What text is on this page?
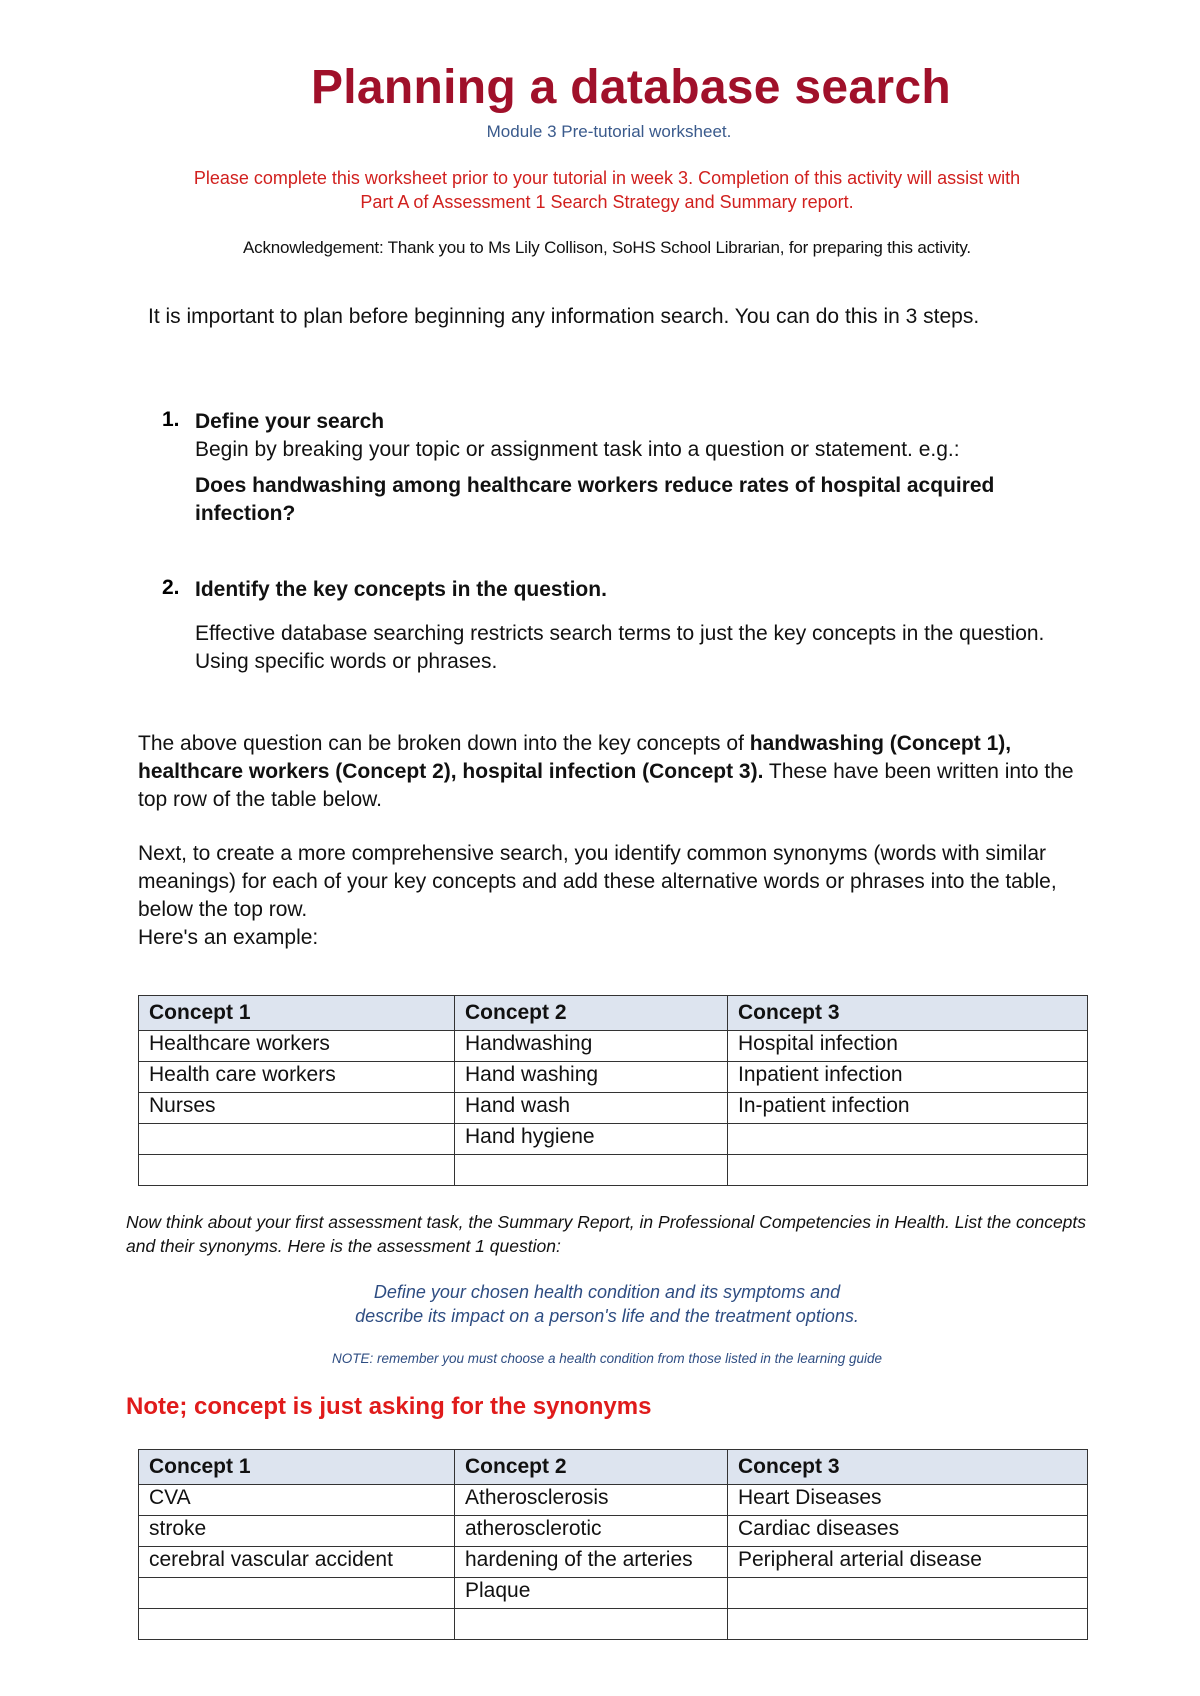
Planning a database search
Module 3 Pre-tutorial worksheet.
Please complete this worksheet prior to your tutorial in week 3. Completion of this activity will assist with
Part A of Assessment 1 Search Strategy and Summary report.
Acknowledgement: Thank you to Ms Lily Collison, SoHS School Librarian, for preparing this activity.
It is important to plan before beginning any information search. You can do this in 3 steps.
1. Define your search
Begin by breaking your topic or assignment task into a question or statement. e.g.:
Does handwashing among healthcare workers reduce rates of hospital acquired infection?
2. Identify the key concepts in the question.
Effective database searching restricts search terms to just the key concepts in the question. Using specific words or phrases.
The above question can be broken down into the key concepts of handwashing (Concept 1), healthcare workers (Concept 2), hospital infection (Concept 3). These have been written into the top row of the table below.
Next, to create a more comprehensive search, you identify common synonyms (words with similar meanings) for each of your key concepts and add these alternative words or phrases into the table, below the top row.
Here's an example:
Concept 1	Concept 2	Concept 3
Healthcare workers	Handwashing	Hospital infection
Health care workers	Hand washing	Inpatient infection
Nurses	Hand wash	In-patient infection
	Hand hygiene	

Now think about your first assessment task, the Summary Report, in Professional Competencies in Health. List the concepts and their synonyms. Here is the assessment 1 question:
Define your chosen health condition and its symptoms and
describe its impact on a person's life and the treatment options.
NOTE: remember you must choose a health condition from those listed in the learning guide
Note; concept is just asking for the synonyms
Concept 1	Concept 2	Concept 3
CVA	Atherosclerosis	Heart Diseases
stroke	atherosclerotic	Cardiac diseases
cerebral vascular accident	hardening of the arteries	Peripheral arterial disease
	Plaque	
